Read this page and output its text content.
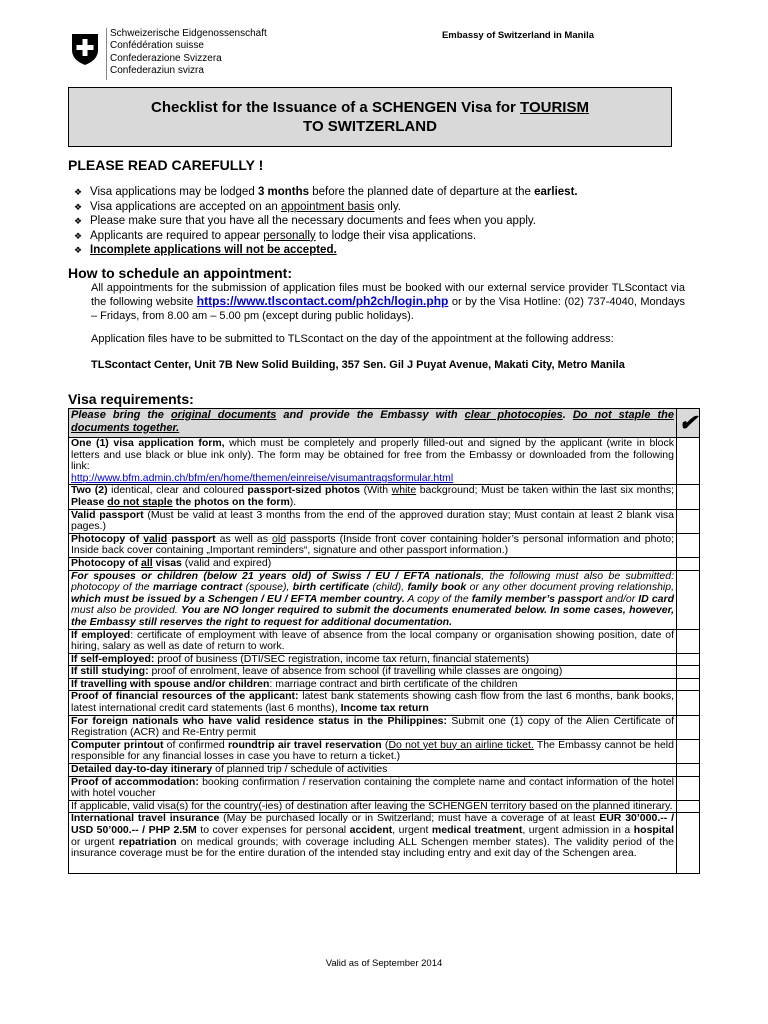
Schweizerische Eidgenossenschaft
Confédération suisse
Confederazione Svizzera
Confederaziun svizra
Embassy of Switzerland in Manila
Checklist for the Issuance of a SCHENGEN Visa for TOURISM
TO SWITZERLAND
PLEASE READ CAREFULLY !
❖ Visa applications may be lodged 3 months before the planned date of departure at the earliest.
❖ Visa applications are accepted on an appointment basis only.
❖ Please make sure that you have all the necessary documents and fees when you apply.
❖ Applicants are required to appear personally to lodge their visa applications.
❖ Incomplete applications will not be accepted.
How to schedule an appointment:
All appointments for the submission of application files must be booked with our external service provider TLScontact via the following website https://www.tlscontact.com/ph2ch/login.php or by the Visa Hotline: (02) 737-4040, Mondays – Fridays, from 8.00 am – 5.00 pm (except during public holidays).
Application files have to be submitted to TLScontact on the day of the appointment at the following address:
TLScontact Center, Unit 7B New Solid Building, 357 Sen. Gil J Puyat Avenue, Makati City, Metro Manila
Visa requirements:
Please bring the original documents and provide the Embassy with clear photocopies. Do not staple the documents together.	✔
One (1) visa application form, which must be completely and properly filled-out and signed by the applicant (write in block letters and use black or blue ink only). The form may be obtained for free from the Embassy or downloaded from the following link:
http://www.bfm.admin.ch/bfm/en/home/themen/einreise/visumantragsformular.html	
Two (2) identical, clear and coloured passport-sized photos (With white background; Must be taken within the last six months; Please do not staple the photos on the form).	
Valid passport (Must be valid at least 3 months from the end of the approved duration stay; Must contain at least 2 blank visa pages.)	
Photocopy of valid passport as well as old passports (Inside front cover containing holder’s personal information and photo; Inside back cover containing „Important reminders“, signature and other passport information.)	
Photocopy of all visas (valid and expired)	
For spouses or children (below 21 years old) of Swiss / EU / EFTA nationals, the following must also be submitted: photocopy of the marriage contract (spouse), birth certificate (child), family book or any other document proving relationship, which must be issued by a Schengen / EU / EFTA member country. A copy of the family member’s passport and/or ID card must also be provided. You are NO longer required to submit the documents enumerated below. In some cases, however, the Embassy still reserves the right to request for additional documentation.	
If employed: certificate of employment with leave of absence from the local company or organisation showing position, date of hiring, salary as well as date of return to work.	
If self-employed: proof of business (DTI/SEC registration, income tax return, financial statements)	
If still studying: proof of enrolment, leave of absence from school (if travelling while classes are ongoing)	
If travelling with spouse and/or children: marriage contract and birth certificate of the children	
Proof of financial resources of the applicant: latest bank statements showing cash flow from the last 6 months, bank books, latest international credit card statements (last 6 months), Income tax return	
For foreign nationals who have valid residence status in the Philippines: Submit one (1) copy of the Alien Certificate of Registration (ACR) and Re-Entry permit	
Computer printout of confirmed roundtrip air travel reservation (Do not yet buy an airline ticket. The Embassy cannot be held responsible for any financial losses in case you have to return a ticket.)	
Detailed day-to-day itinerary of planned trip / schedule of activities	
Proof of accommodation: booking confirmation / reservation containing the complete name and contact information of the hotel with hotel voucher	
If applicable, valid visa(s) for the country(-ies) of destination after leaving the SCHENGEN territory based on the planned itinerary.	
International travel insurance (May be purchased locally or in Switzerland; must have a coverage of at least EUR 30’000.-- / USD 50’000.-- / PHP 2.5M to cover expenses for personal accident, urgent medical treatment, urgent admission in a hospital or urgent repatriation on medical grounds; with coverage including ALL Schengen member states). The validity period of the insurance coverage must be for the entire duration of the intended stay including entry and exit day of the Schengen area.	
Valid as of September 2014
